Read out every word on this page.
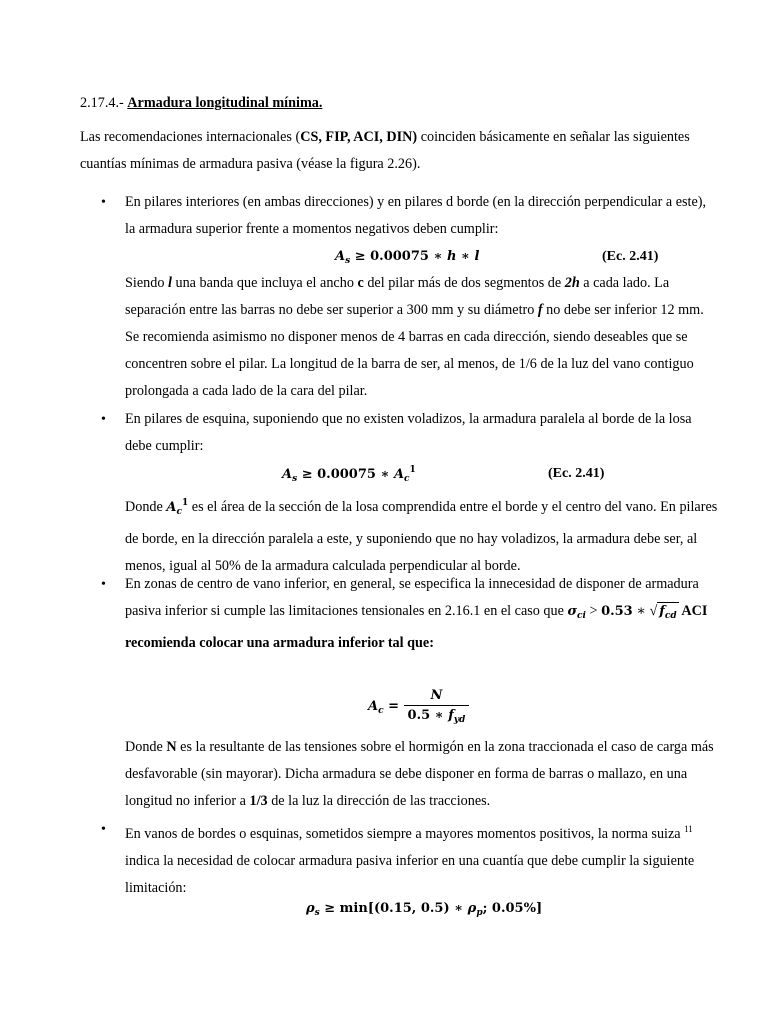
2.17.4.- Armadura longitudinal mínima.

Las recomendaciones internacionales (CS, FIP, ACI, DIN) coinciden básicamente en señalar las siguientes cuantías mínimas de armadura pasiva (véase la figura 2.26).

• En pilares interiores (en ambas direcciones) y en pilares d borde (en la dirección perpendicular a este), la armadura superior frente a momentos negativos deben cumplir:

$A_s \ge 0.00075$ ∗ h ∗ l	(Ec. 2.41)

Siendo l una banda que incluya el ancho c del pilar más de dos segmentos de 2h a cada lado. La separación entre las barras no debe ser superior a 300 mm y su diámetro f no debe ser inferior 12 mm. Se recomienda asimismo no disponer menos de 4 barras en cada dirección, siendo deseables que se concentren sobre el pilar. La longitud de la barra de ser, al menos, de 1/6 de la luz del vano contiguo prolongada a cada lado de la cara del pilar.

• En pilares de esquina, suponiendo que no existen voladizos, la armadura paralela al borde de la losa debe cumplir:

$A_s \ge 0.00075$ ∗ $A_c^1$	(Ec. 2.41)

Donde $A_c^1$ es el área de la sección de la losa comprendida entre el borde y el centro del vano. En pilares de borde, en la dirección paralela a este, y suponiendo que no hay voladizos, la armadura debe ser, al menos, igual al 50% de la armadura calculada perpendicular al borde.

• En zonas de centro de vano inferior, en general, se especifica la innecesidad de disponer de armadura pasiva inferior si cumple las limitaciones tensionales en 2.16.1 en el caso que $\sigma_{ci} > 0.53$ ∗ √ $f_{cd}$ ACI recomienda colocar una armadura inferior tal que:

$A_c = \frac{N}{0.5 ∗ f_{yd}}$

Donde N es la resultante de las tensiones sobre el hormigón en la zona traccionada el caso de carga más desfavorable (sin mayorar). Dicha armadura se debe disponer en forma de barras o mallazo, en una longitud no inferior a 1/3 de la luz la dirección de las tracciones.

• En vanos de bordes o esquinas, sometidos siempre a mayores momentos positivos, la norma suiza $^{11}$ indica la necesidad de colocar armadura pasiva inferior en una cuantía que debe cumplir la siguiente limitación:

$\rho_s \ge \min[(0.15$, 0.5) ∗ $\rho_p$; 0.05%]
